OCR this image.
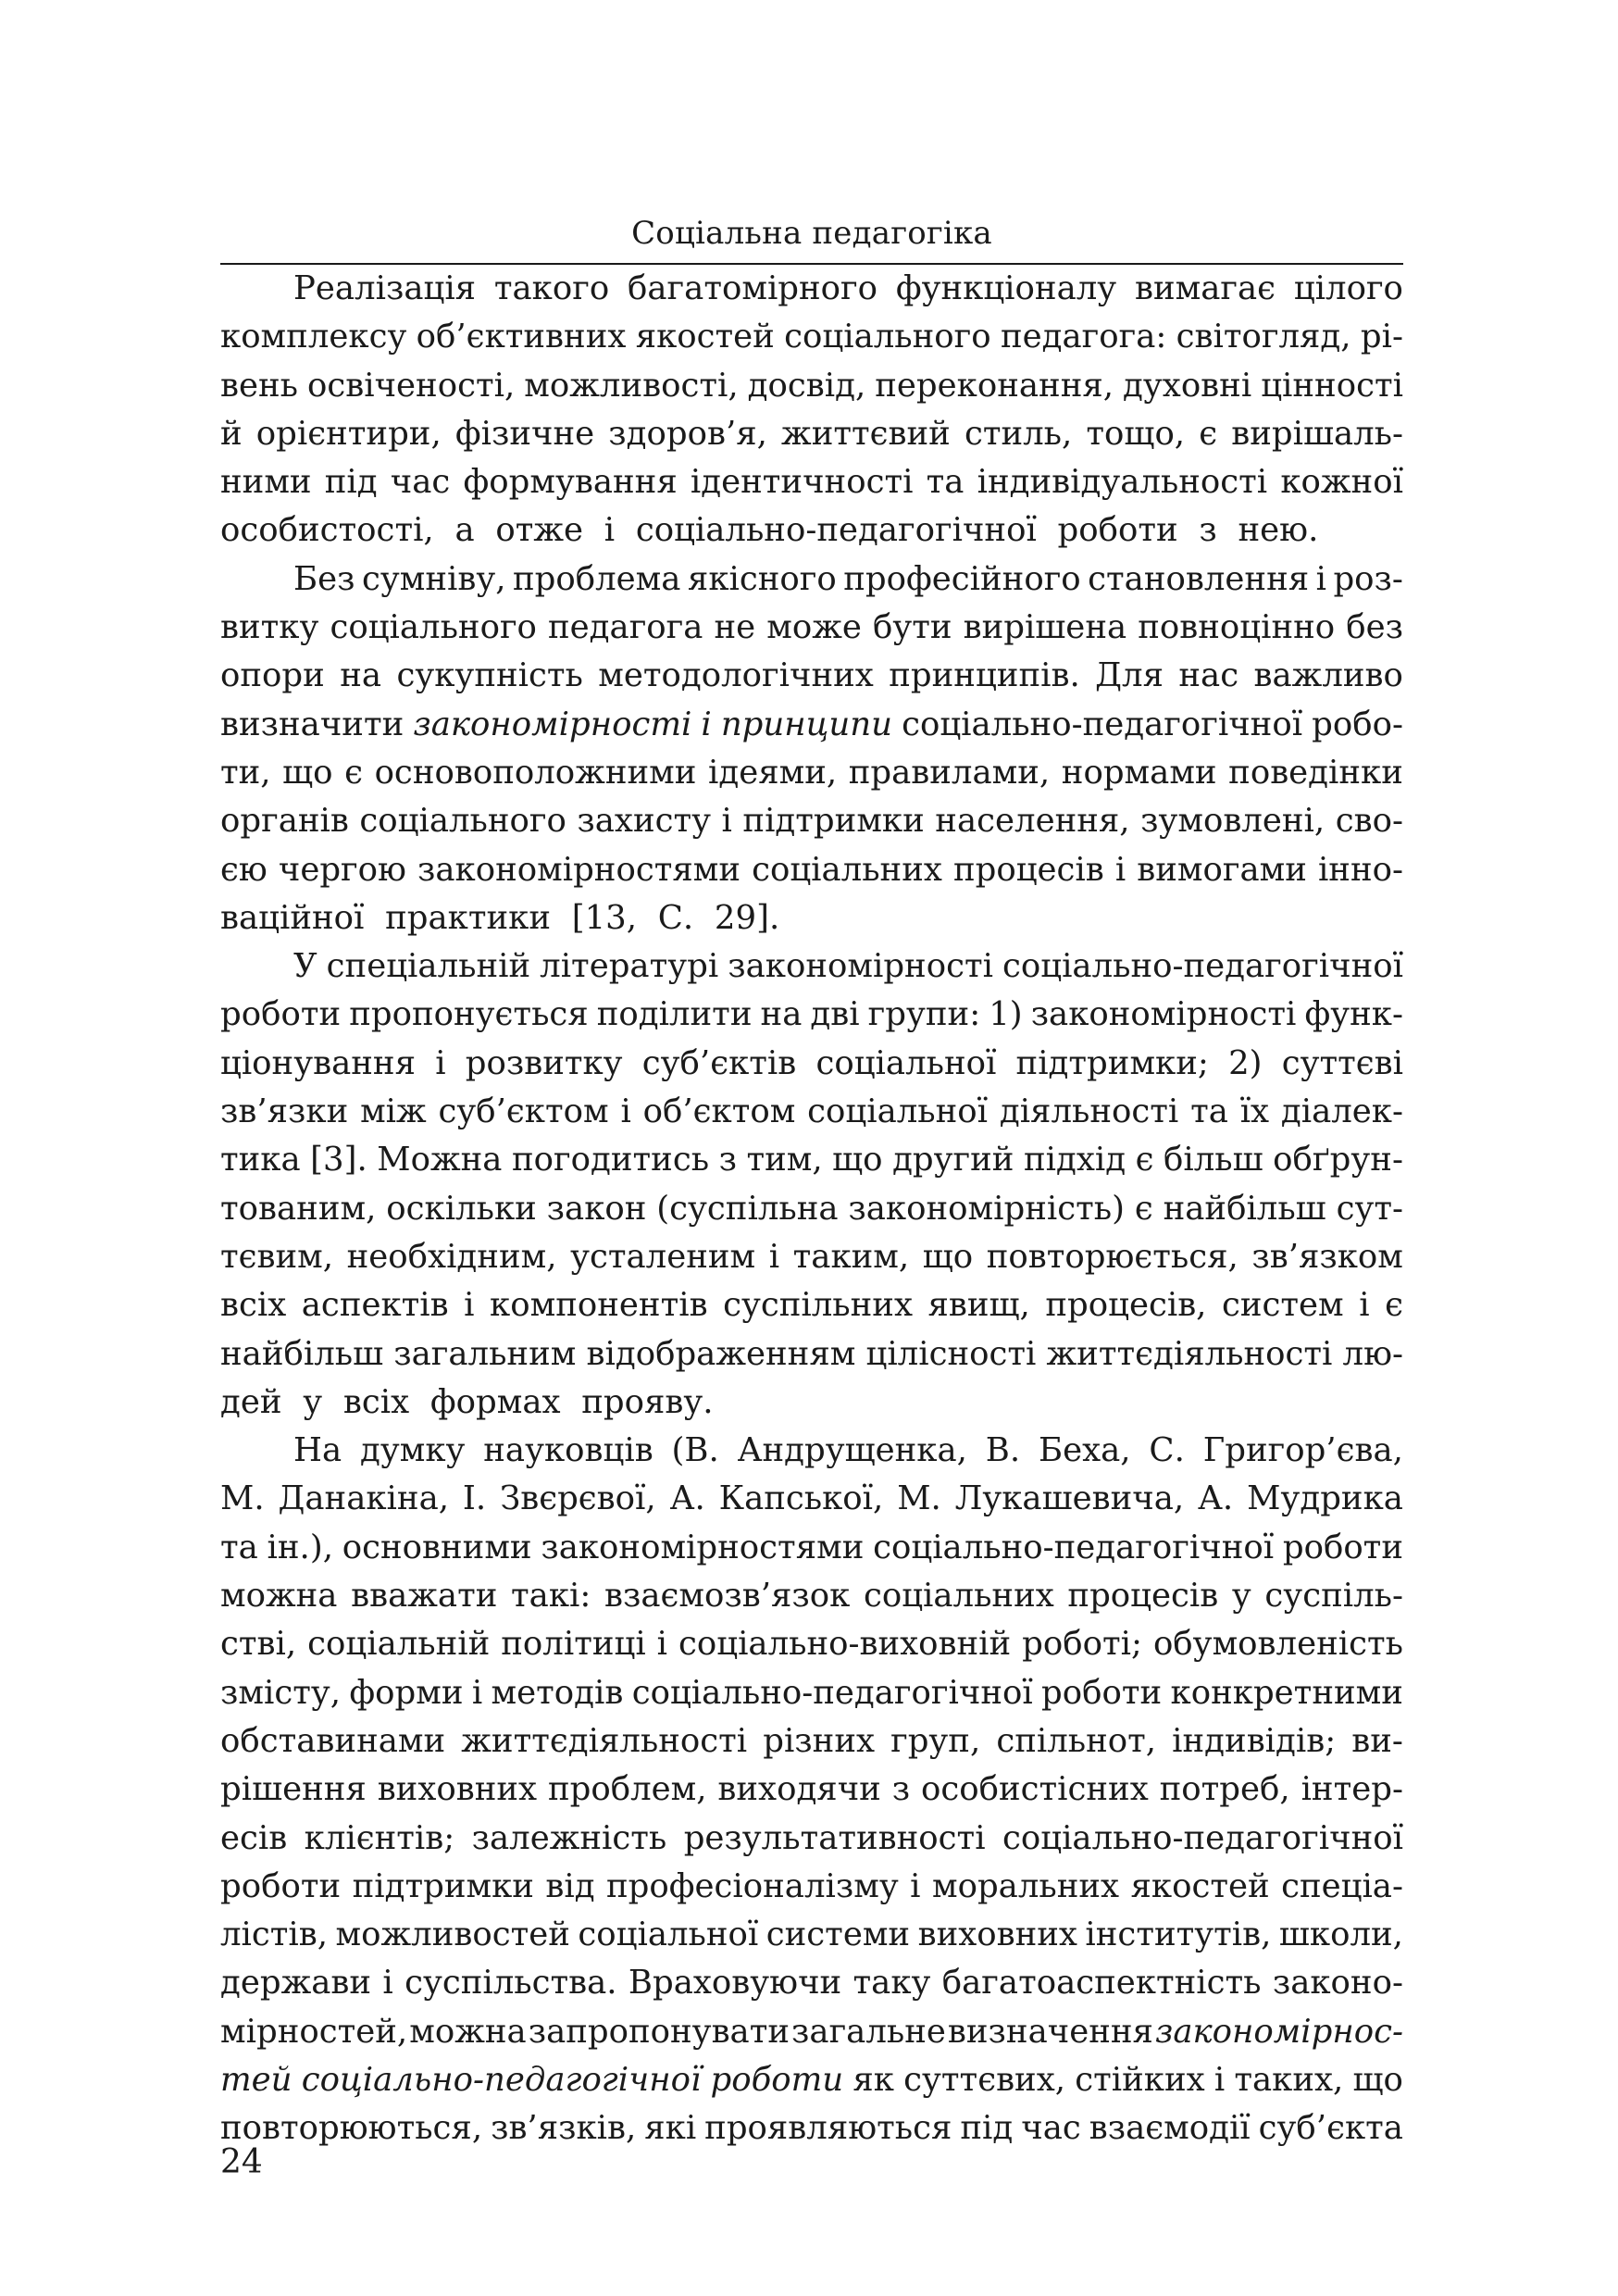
Соціальна педагогіка
Реалізація такого багатомірного функціоналу вимагає цілого
комплексу об’єктивних якостей соціального педагога: світогляд, рі-
вень освіченості, можливості, досвід, переконання, духовні цінності
й орієнтири, фізичне здоров’я, життєвий стиль, тощо, є вирішаль-
ними під час формування ідентичності та індивідуальності кожної
особистості, а отже і соціально-педагогічної роботи з нею.
Без сумніву, проблема якісного професійного становлення і роз-
витку соціального педагога не може бути вирішена повноцінно без
опори на сукупність методологічних принципів. Для нас важливо
визначити закономірності і принципи соціально-педагогічної робо-
ти, що є основоположними ідеями, правилами, нормами поведінки
органів соціального захисту і підтримки населення, зумовлені, сво-
єю чергою закономірностями соціальних процесів і вимогами інно-
ваційної практики [13, С. 29].
У спеціальній літературі закономірності соціально-педагогічної
роботи пропонується поділити на дві групи: 1) закономірності функ-
ціонування і розвитку суб’єктів соціальної підтримки; 2) суттєві
зв’язки між суб’єктом і об’єктом соціальної діяльності та їх діалек-
тика [3]. Можна погодитись з тим, що другий підхід є більш обґрун-
тованим, оскільки закон (суспільна закономірність) є найбільш сут-
тєвим, необхідним, усталеним і таким, що повторюється, зв’язком
всіх аспектів і компонентів суспільних явищ, процесів, систем і є
найбільш загальним відображенням цілісності життєдіяльності лю-
дей у всіх формах прояву.
На думку науковців (В. Андрущенка, В. Беха, С. Григор’єва,
М. Данакіна, І. Звєрєвої, А. Капської, М. Лукашевича, А. Мудрика
та ін.), основними закономірностями соціально-педагогічної роботи
можна вважати такі: взаємозв’язок соціальних процесів у суспіль-
стві, соціальній політиці і соціально-виховній роботі; обумовленість
змісту, форми і методів соціально-педагогічної роботи конкретними
обставинами життєдіяльності різних груп, спільнот, індивідів; ви-
рішення виховних проблем, виходячи з особистісних потреб, інтер-
есів клієнтів; залежність результативності соціально-педагогічної
роботи підтримки від професіоналізму і моральних якостей спеціа-
лістів, можливостей соціальної системи виховних інститутів, школи,
держави і суспільства. Враховуючи таку багатоаспектність законо-
мірностей, можна запропонувати загальне визначення закономірнос-
тей соціально-педагогічної роботи як суттєвих, стійких і таких, що
повторюються, зв’язків, які проявляються під час взаємодії суб’єкта
24
